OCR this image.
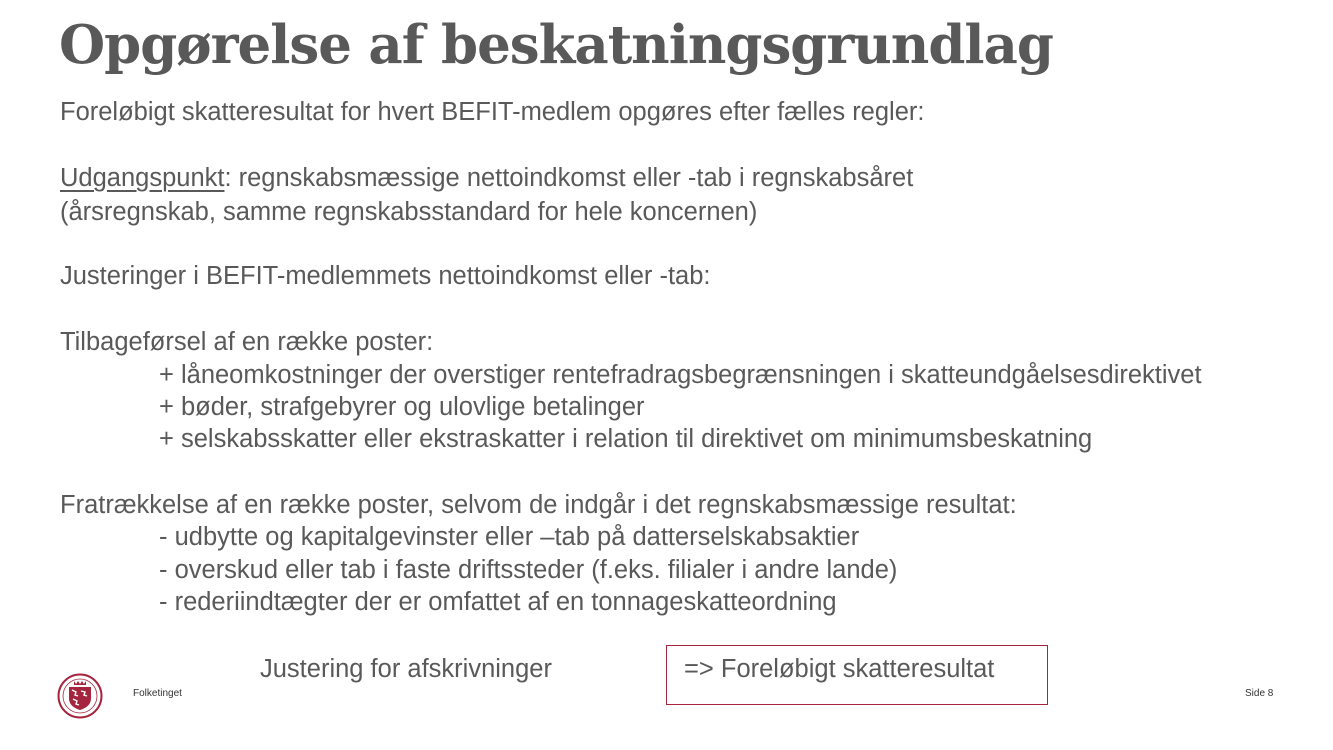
Opgørelse af beskatningsgrundlag
Foreløbigt skatteresultat for hvert BEFIT-medlem opgøres efter fælles regler:
Udgangspunkt: regnskabsmæssige nettoindkomst eller -tab i regnskabsåret
(årsregnskab, samme regnskabsstandard for hele koncernen)
Justeringer i BEFIT-medlemmets nettoindkomst eller -tab:
Tilbageførsel af en række poster:
+ låneomkostninger der overstiger rentefradragsbegrænsningen i skatteundgåelsesdirektivet
+ bøder, strafgebyrer og ulovlige betalinger
+ selskabsskatter eller ekstraskatter i relation til direktivet om minimumsbeskatning
Fratrækkelse af en række poster, selvom de indgår i det regnskabsmæssige resultat:
- udbytte og kapitalgevinster eller –tab på datterselskabsaktier
- overskud eller tab i faste driftssteder (f.eks. filialer i andre lande)
- rederiindtægter der er omfattet af en tonnageskatteordning
Justering for afskrivninger	=> Foreløbigt skatteresultat
Folketinget	Side 8
